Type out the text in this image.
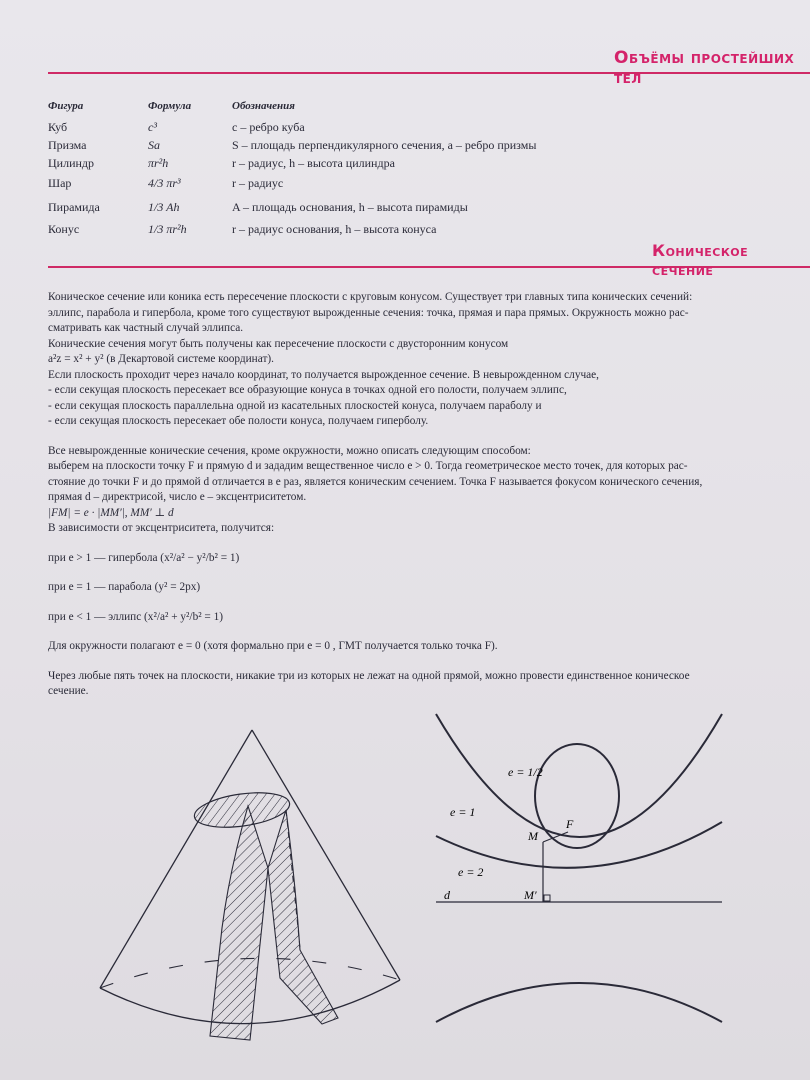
Объёмы простейших тел
Фигура	Формула	Обозначения
Куб	c³	c – ребро куба
Призма	Sa	S – площадь перпендикулярного сечения, a – ребро призмы
Цилиндр	πr²h	r – радиус, h – высота цилиндра
Шар	4/3 πr³	r – радиус
Пирамида	1/3 Ah	A – площадь основания, h – высота пирамиды
Конус	1/3 πr²h	r – радиус основания, h – высота конуса
Коническое сечение

Коническое сечение или коника есть пересечение плоскости с круговым конусом. Существует три главных типа конических сечений:

эллипс, парабола и гипербола, кроме того существуют вырожденные сечения: точка, прямая и пара прямых. Окружность можно рас-

сматривать как частный случай эллипса.

Конические сечения могут быть получены как пересечение плоскости с двусторонним конусом

a²z = x² + y² (в Декартовой системе координат).

Если плоскость проходит через начало координат, то получается вырожденное сечение. В невырожденном случае,

- если секущая плоскость пересекает все образующие конуса в точках одной его полости, получаем эллипс,

- если секущая плоскость параллельна одной из касательных плоскостей конуса, получаем параболу и

- если секущая плоскость пересекает обе полости конуса, получаем гиперболу.

Все невырожденные конические сечения, кроме окружности, можно описать следующим способом:

выберем на плоскости точку F и прямую d и зададим вещественное число e > 0. Тогда геометрическое место точек, для которых рас-

стояние до точки F и до прямой d отличается в e раз, является коническим сечением. Точка F называется фокусом конического сечения,

прямая d – директрисой, число e – эксцентриситетом.

|FM| = e · |MM′|, MM′ ⊥ d

В зависимости от эксцентриситета, получится:

при e > 1 — гипербола (x²/a² − y²/b² = 1)

при e = 1 — парабола (y² = 2px)

при e < 1 — эллипс (x²/a² + y²/b² = 1)

Для окружности полагают e = 0 (хотя формально при e = 0 , ГМТ получается только точка F).

Через любые пять точек на плоскости, никакие три из которых не лежат на одной прямой, можно провести единственное коническое

сечение.

e = 1/2
e = 1
e = 2
F
M
M′
d
